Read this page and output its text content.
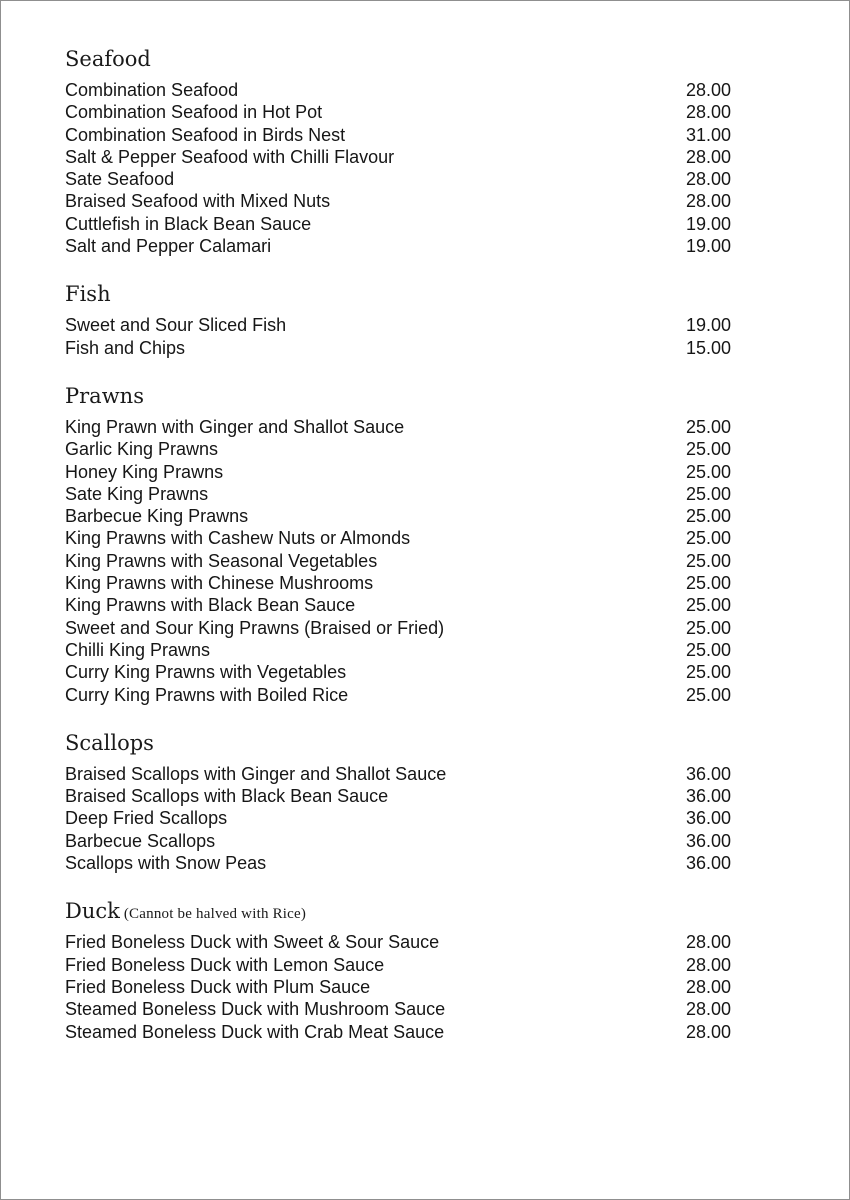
Seafood
Combination Seafood	28.00
Combination Seafood in Hot Pot	28.00
Combination Seafood in Birds Nest	31.00
Salt & Pepper Seafood with Chilli Flavour	28.00
Sate Seafood	28.00
Braised Seafood with Mixed Nuts	28.00
Cuttlefish in Black Bean Sauce	19.00
Salt and Pepper Calamari	19.00
Fish
Sweet and Sour Sliced Fish	19.00
Fish and Chips	15.00
Prawns
King Prawn with Ginger and Shallot Sauce	25.00
Garlic King Prawns	25.00
Honey King Prawns	25.00
Sate King Prawns	25.00
Barbecue King Prawns	25.00
King Prawns with Cashew Nuts or Almonds	25.00
King Prawns with Seasonal Vegetables	25.00
King Prawns with Chinese Mushrooms	25.00
King Prawns with Black Bean Sauce	25.00
Sweet and Sour King Prawns (Braised or Fried)	25.00
Chilli King Prawns	25.00
Curry King Prawns with Vegetables	25.00
Curry King Prawns with Boiled Rice	25.00
Scallops
Braised Scallops with Ginger and Shallot Sauce	36.00
Braised Scallops with Black Bean Sauce	36.00
Deep Fried Scallops	36.00
Barbecue Scallops	36.00
Scallops with Snow Peas	36.00
Duck (Cannot be halved with Rice)
Fried Boneless Duck with Sweet & Sour Sauce	28.00
Fried Boneless Duck with Lemon Sauce	28.00
Fried Boneless Duck with Plum Sauce	28.00
Steamed Boneless Duck with Mushroom Sauce	28.00
Steamed Boneless Duck with Crab Meat Sauce	28.00
